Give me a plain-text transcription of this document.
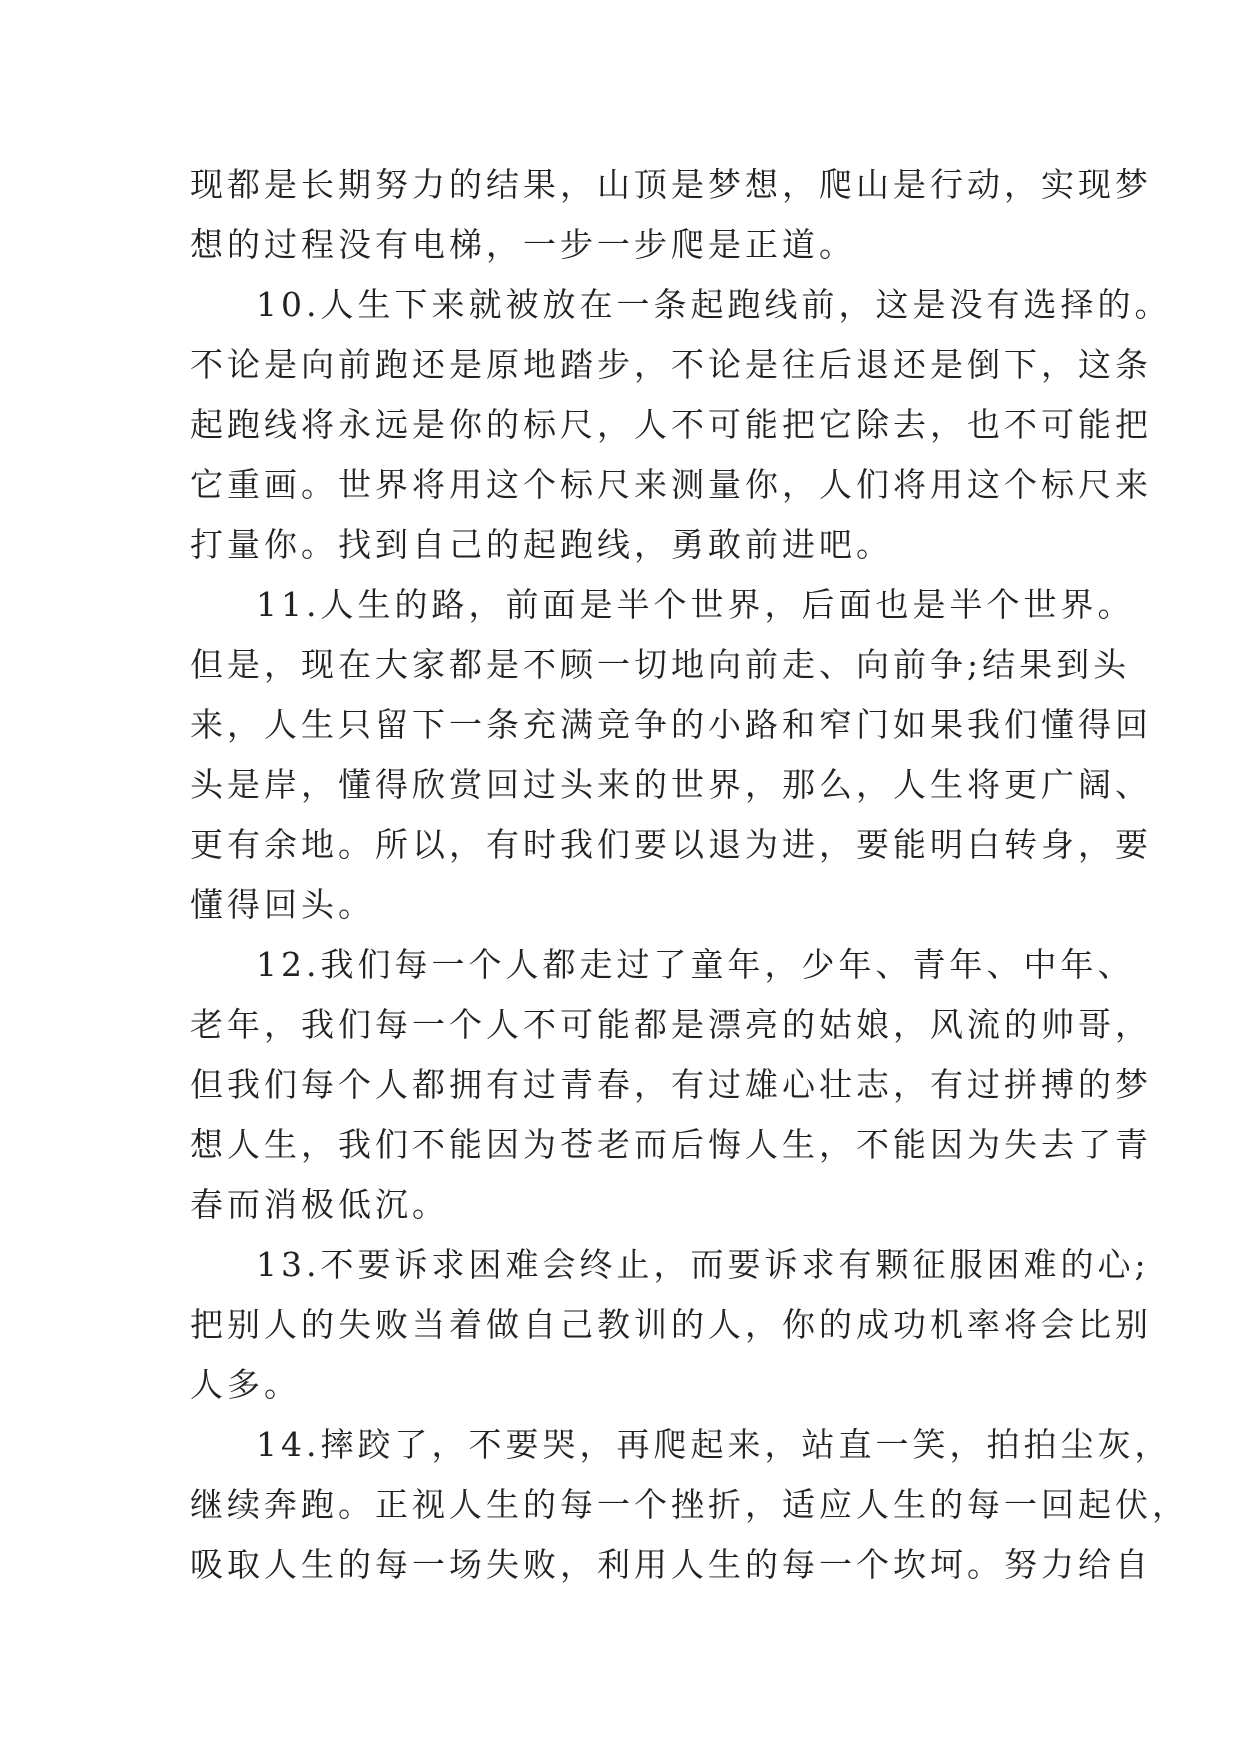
现都是长期努力的结果，山顶是梦想，爬山是行动，实现梦
想的过程没有电梯，一步一步爬是正道。
10.人生下来就被放在一条起跑线前，这是没有选择的。
不论是向前跑还是原地踏步，不论是往后退还是倒下，这条
起跑线将永远是你的标尺，人不可能把它除去，也不可能把
它重画。世界将用这个标尺来测量你，人们将用这个标尺来
打量你。找到自己的起跑线，勇敢前进吧。
11.人生的路，前面是半个世界，后面也是半个世界。
但是，现在大家都是不顾一切地向前走、向前争;结果到头
来，人生只留下一条充满竞争的小路和窄门如果我们懂得回
头是岸，懂得欣赏回过头来的世界，那么，人生将更广阔、
更有余地。所以，有时我们要以退为进，要能明白转身，要
懂得回头。
12.我们每一个人都走过了童年，少年、青年、中年、
老年，我们每一个人不可能都是漂亮的姑娘，风流的帅哥，
但我们每个人都拥有过青春，有过雄心壮志，有过拼搏的梦
想人生，我们不能因为苍老而后悔人生，不能因为失去了青
春而消极低沉。
13.不要诉求困难会终止，而要诉求有颗征服困难的心;
把别人的失败当着做自己教训的人，你的成功机率将会比别
人多。
14.摔跤了，不要哭，再爬起来，站直一笑，拍拍尘灰，
继续奔跑。正视人生的每一个挫折，适应人生的每一回起伏，
吸取人生的每一场失败，利用人生的每一个坎坷。努力给自
